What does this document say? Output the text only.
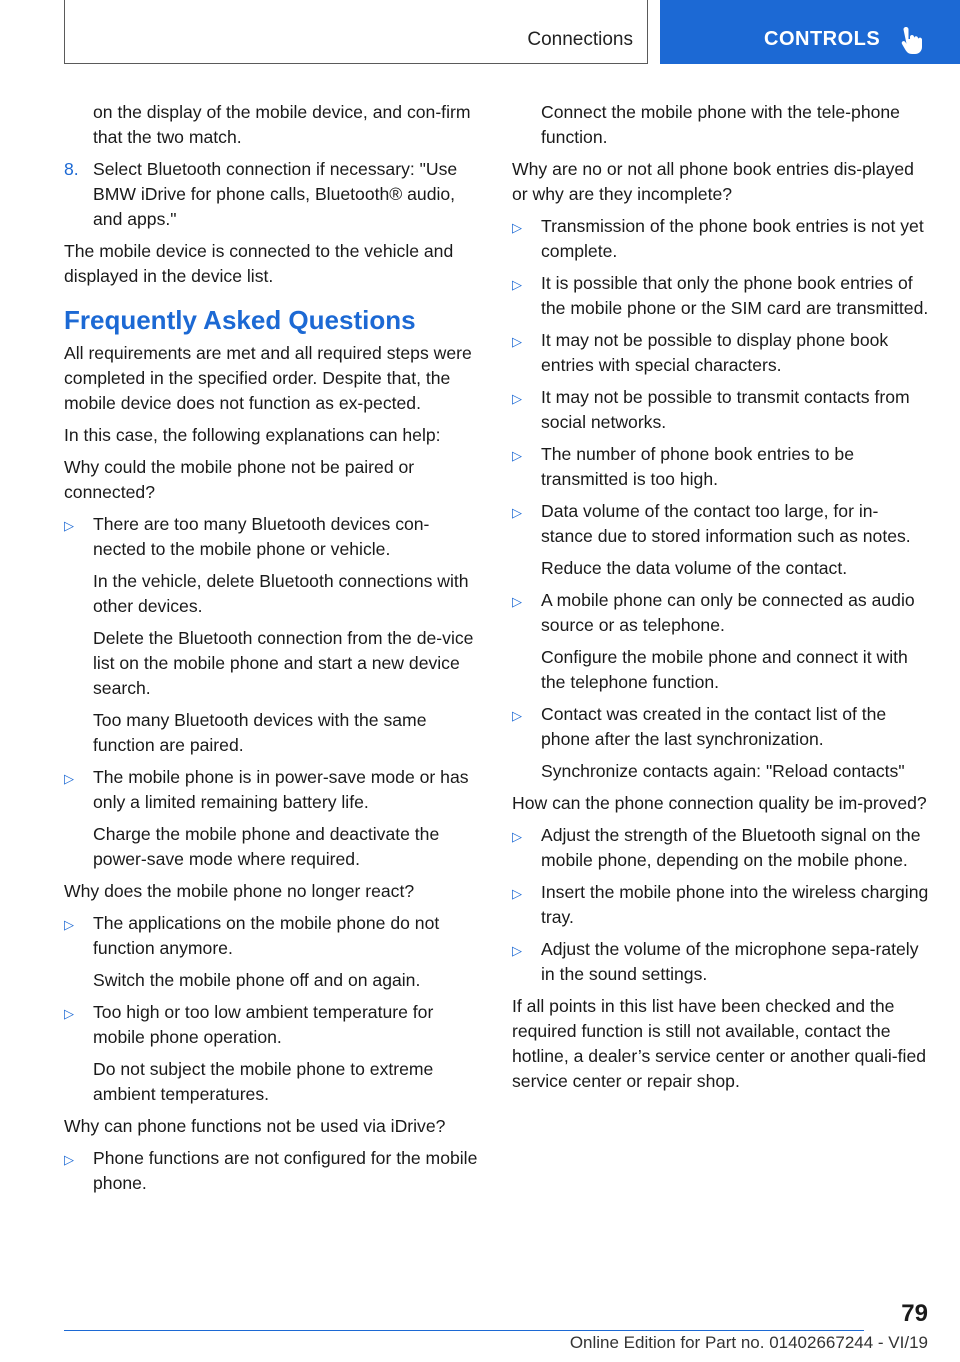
Connections	CONTROLS
on the display of the mobile device, and con-firm that the two match.
8. Select Bluetooth connection if necessary: "Use BMW iDrive for phone calls, Bluetooth® audio, and apps."
The mobile device is connected to the vehicle and displayed in the device list.
Frequently Asked Questions
All requirements are met and all required steps were completed in the specified order. Despite that, the mobile device does not function as ex-pected.
In this case, the following explanations can help:
Why could the mobile phone not be paired or connected?
▷	There are too many Bluetooth devices con-nected to the mobile phone or vehicle.
In the vehicle, delete Bluetooth connections with other devices.
Delete the Bluetooth connection from the de-vice list on the mobile phone and start a new device search.
Too many Bluetooth devices with the same function are paired.
▷	The mobile phone is in power-save mode or has only a limited remaining battery life.
Charge the mobile phone and deactivate the power-save mode where required.
Why does the mobile phone no longer react?
▷	The applications on the mobile phone do not function anymore.
Switch the mobile phone off and on again.
▷	Too high or too low ambient temperature for mobile phone operation.
Do not subject the mobile phone to extreme ambient temperatures.
Why can phone functions not be used via iDrive?
▷	Phone functions are not configured for the mobile phone.
Connect the mobile phone with the tele-phone function.
Why are no or not all phone book entries dis-played or why are they incomplete?
▷	Transmission of the phone book entries is not yet complete.
▷	It is possible that only the phone book entries of the mobile phone or the SIM card are transmitted.
▷	It may not be possible to display phone book entries with special characters.
▷	It may not be possible to transmit contacts from social networks.
▷	The number of phone book entries to be transmitted is too high.
▷	Data volume of the contact too large, for in-stance due to stored information such as notes.
Reduce the data volume of the contact.
▷	A mobile phone can only be connected as audio source or as telephone.
Configure the mobile phone and connect it with the telephone function.
▷	Contact was created in the contact list of the phone after the last synchronization.
Synchronize contacts again: "Reload contacts"
How can the phone connection quality be im-proved?
▷	Adjust the strength of the Bluetooth signal on the mobile phone, depending on the mobile phone.
▷	Insert the mobile phone into the wireless charging tray.
▷	Adjust the volume of the microphone sepa-rately in the sound settings.
If all points in this list have been checked and the required function is still not available, contact the hotline, a dealer’s service center or another quali-fied service center or repair shop.
79
Online Edition for Part no. 01402667244 - VI/19
